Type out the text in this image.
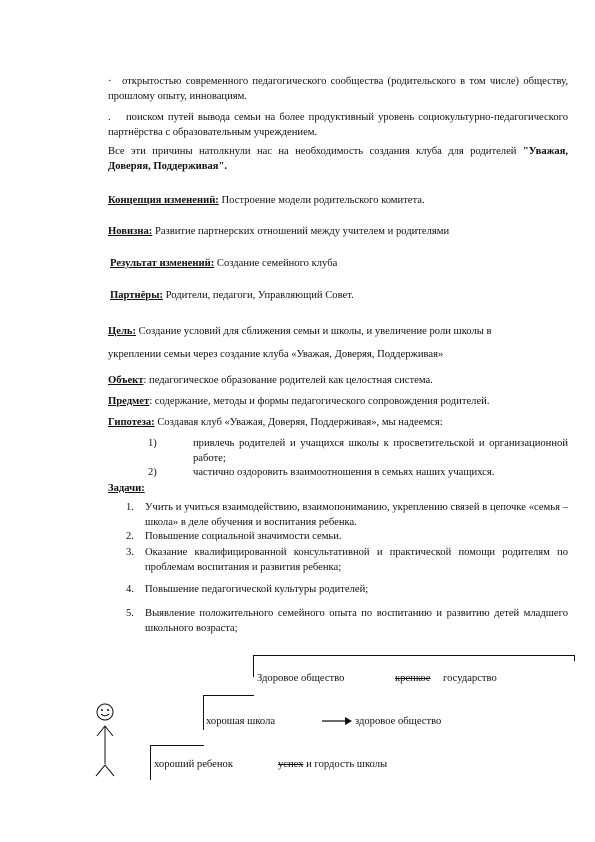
· открытостью современного педагогического сообщества (родительского в том числе) обществу, прошлому опыту, инновациям.
.	поиском путей вывода семьи на более продуктивный уровень социокультурно-педагогического партнёрства с образовательным учреждением.
Все эти причины натолкнули нас на необходимость создания клуба для родителей "Уважая, Доверяя, Поддерживая".
Концепция изменений: Построение модели родительского комитета.
Новизна: Развитие партнерских отношений между учителем и родителями
Результат изменений: Создание семейного клуба
Партнёры: Родители, педагоги, Управляющий Совет.
Цель: Создание условий для сближения семьи и школы, и увеличение роли школы в
укреплении семьи через создание клуба «Уважая, Доверяя, Поддерживая»
Объект: педагогическое образование родителей как целостная система.
Предмет: содержание, методы и формы педагогического сопровождения родителей.
Гипотеза: Создавая клуб «Уважая, Доверяя, Поддерживая», мы надеемся:
1)	привлечь родителей и учащихся школы к просветительской и организационной работе;
2)	частично оздоровить взаимоотношения в семьях наших учащихся.
Задачи:
1. Учить и учиться взаимодействию, взаимопониманию, укреплению связей в цепочке «семья – школа» в деле обучения и воспитания ребенка.
2. Повышение социальной значимости семьи.
3. Оказание квалифицированной консультативной и практической помощи родителям по проблемам воспитания и развития ребенка;
4. Повышение педагогической культуры родителей;
5. Выявление положительного семейного опыта по воспитанию и развитию детей младшего школьного возраста;
Здоровое общество	крепкое государство
хорошая школа	здоровое общество
хороший ребенок	успех и гордость школы
